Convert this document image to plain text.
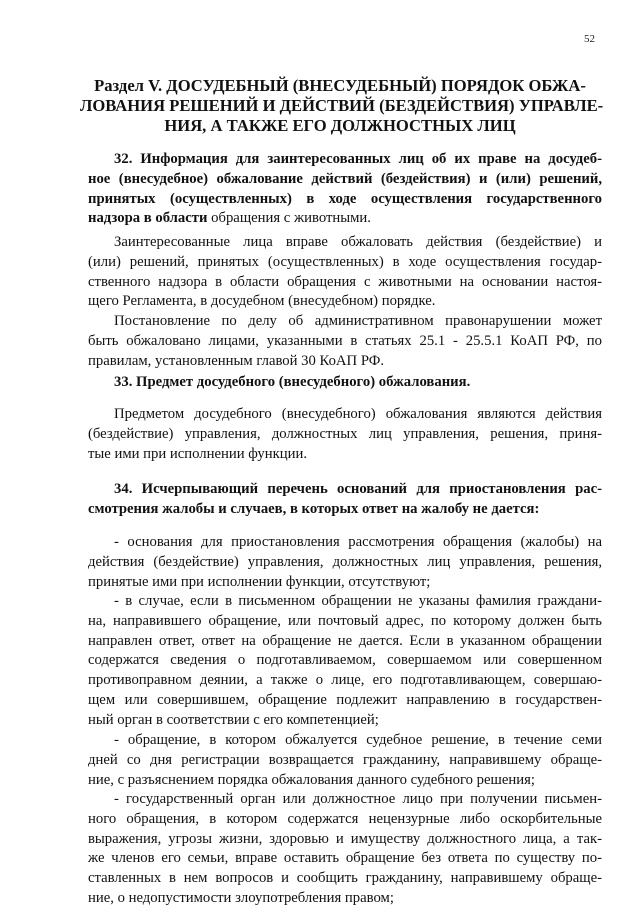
52
Раздел V. ДОСУДЕБНЫЙ (ВНЕСУДЕБНЫЙ) ПОРЯДОК ОБЖА-
ЛОВАНИЯ РЕШЕНИЙ И ДЕЙСТВИЙ (БЕЗДЕЙСТВИЯ) УПРАВЛЕ-
НИЯ, А ТАКЖЕ ЕГО ДОЛЖНОСТНЫХ ЛИЦ
32. Информация для заинтересованных лиц об их праве на досудеб-
ное (внесудебное) обжалование действий (бездействия) и (или) решений,
принятых (осуществленных) в ходе осуществления государственного
надзора в области обращения с животными.
Заинтересованные лица вправе обжаловать действия (бездействие) и
(или) решений, принятых (осуществленных) в ходе осуществления государ-
ственного надзора в области обращения с животными на основании настоя-
щего Регламента, в досудебном (внесудебном) порядке.
Постановление по делу об административном правонарушении может
быть обжаловано лицами, указанными в статьях 25.1 - 25.5.1 КоАП РФ, по
правилам, установленным главой 30 КоАП РФ.
33. Предмет досудебного (внесудебного) обжалования.
Предметом досудебного (внесудебного) обжалования являются действия
(бездействие) управления, должностных лиц управления, решения, приня-
тые ими при исполнении функции.
34. Исчерпывающий перечень оснований для приостановления рас-
смотрения жалобы и случаев, в которых ответ на жалобу не дается:
- основания для приостановления рассмотрения обращения (жалобы) на
действия (бездействие) управления, должностных лиц управления, решения,
принятые ими при исполнении функции, отсутствуют;
- в случае, если в письменном обращении не указаны фамилия граждани-
на, направившего обращение, или почтовый адрес, по которому должен быть
направлен ответ, ответ на обращение не дается. Если в указанном обращении
содержатся сведения о подготавливаемом, совершаемом или совершенном
противоправном деянии, а также о лице, его подготавливающем, совершаю-
щем или совершившем, обращение подлежит направлению в государствен-
ный орган в соответствии с его компетенцией;
- обращение, в котором обжалуется судебное решение, в течение семи
дней со дня регистрации возвращается гражданину, направившему обраще-
ние, с разъяснением порядка обжалования данного судебного решения;
- государственный орган или должностное лицо при получении письмен-
ного обращения, в котором содержатся нецензурные либо оскорбительные
выражения, угрозы жизни, здоровью и имуществу должностного лица, а так-
же членов его семьи, вправе оставить обращение без ответа по существу по-
ставленных в нем вопросов и сообщить гражданину, направившему обраще-
ние, о недопустимости злоупотребления правом;
